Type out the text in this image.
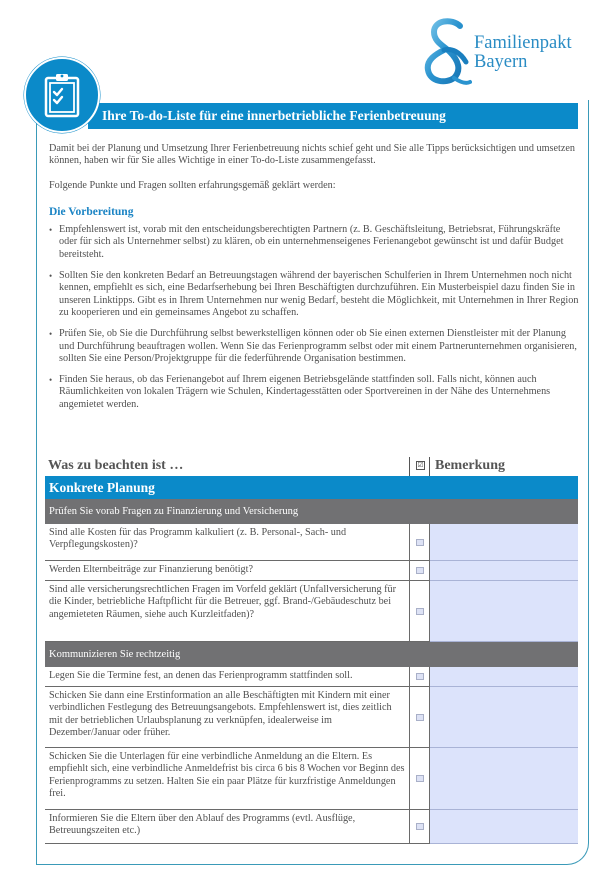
Familienpakt
Bayern
Ihre To-do-Liste für eine innerbetriebliche Ferienbetreuung

Damit bei der Planung und Umsetzung Ihrer Ferienbetreuung nichts schief geht und Sie alle Tipps berücksichtigen und umsetzen können, haben wir für Sie alles Wichtige in einer To-do-Liste zusammengefasst.

Folgende Punkte und Fragen sollten erfahrungsgemäß geklärt werden:

Die Vorbereitung
• Empfehlenswert ist, vorab mit den entscheidungsberechtigten Partnern (z. B. Geschäftsleitung, Betriebsrat, Führungskräfte oder für sich als Unternehmer selbst) zu klären, ob ein unternehmenseigenes Ferienangebot gewünscht ist und dafür Budget bereitsteht.
• Sollten Sie den konkreten Bedarf an Betreuungstagen während der bayerischen Schulferien in Ihrem Unternehmen noch nicht kennen, empfiehlt es sich, eine Bedarfserhebung bei Ihren Beschäftigten durchzuführen. Ein Musterbeispiel dazu finden Sie in unseren Linktipps. Gibt es in Ihrem Unternehmen nur wenig Bedarf, besteht die Möglichkeit, mit Unternehmen in Ihrer Region zu kooperieren und ein gemeinsames Angebot zu schaffen.
• Prüfen Sie, ob Sie die Durchführung selbst bewerkstelligen können oder ob Sie einen externen Dienstleister mit der Planung und Durchführung beauftragen wollen. Wenn Sie das Ferienprogramm selbst oder mit einem Partnerunternehmen organisieren, sollten Sie eine Person/Projektgruppe für die federführende Organisation bestimmen.
• Finden Sie heraus, ob das Ferienangebot auf Ihrem eigenen Betriebsgelände stattfinden soll. Falls nicht, können auch Räumlichkeiten von lokalen Trägern wie Schulen, Kindertagesstätten oder Sportvereinen in der Nähe des Unternehmens angemietet werden.
Was zu beachten ist …	☑ Bemerkung
Konkrete Planung
Prüfen Sie vorab Fragen zu Finanzierung und Versicherung
Sind alle Kosten für das Programm kalkuliert (z. B. Personal-, Sach- und Verpflegungskosten)?
Werden Elternbeiträge zur Finanzierung benötigt?
Sind alle versicherungsrechtlichen Fragen im Vorfeld geklärt (Unfallversicherung für die Kinder, betriebliche Haftpflicht für die Betreuer, ggf. Brand-/Gebäudeschutz bei angemieteten Räumen, siehe auch Kurzleitfaden)?
Kommunizieren Sie rechtzeitig
Legen Sie die Termine fest, an denen das Ferienprogramm stattfinden soll.
Schicken Sie dann eine Erstinformation an alle Beschäftigten mit Kindern mit einer verbindlichen Festlegung des Betreuungsangebots. Empfehlenswert ist, dies zeitlich mit der betrieblichen Urlaubsplanung zu verknüpfen, idealerweise im Dezember/Januar oder früher.
Schicken Sie die Unterlagen für eine verbindliche Anmeldung an die Eltern. Es empfiehlt sich, eine verbindliche Anmeldefrist bis circa 6 bis 8 Wochen vor Beginn des Ferienprogramms zu setzen. Halten Sie ein paar Plätze für kurzfristige Anmeldungen frei.
Informieren Sie die Eltern über den Ablauf des Programms (evtl. Ausflüge, Betreuungszeiten etc.)
